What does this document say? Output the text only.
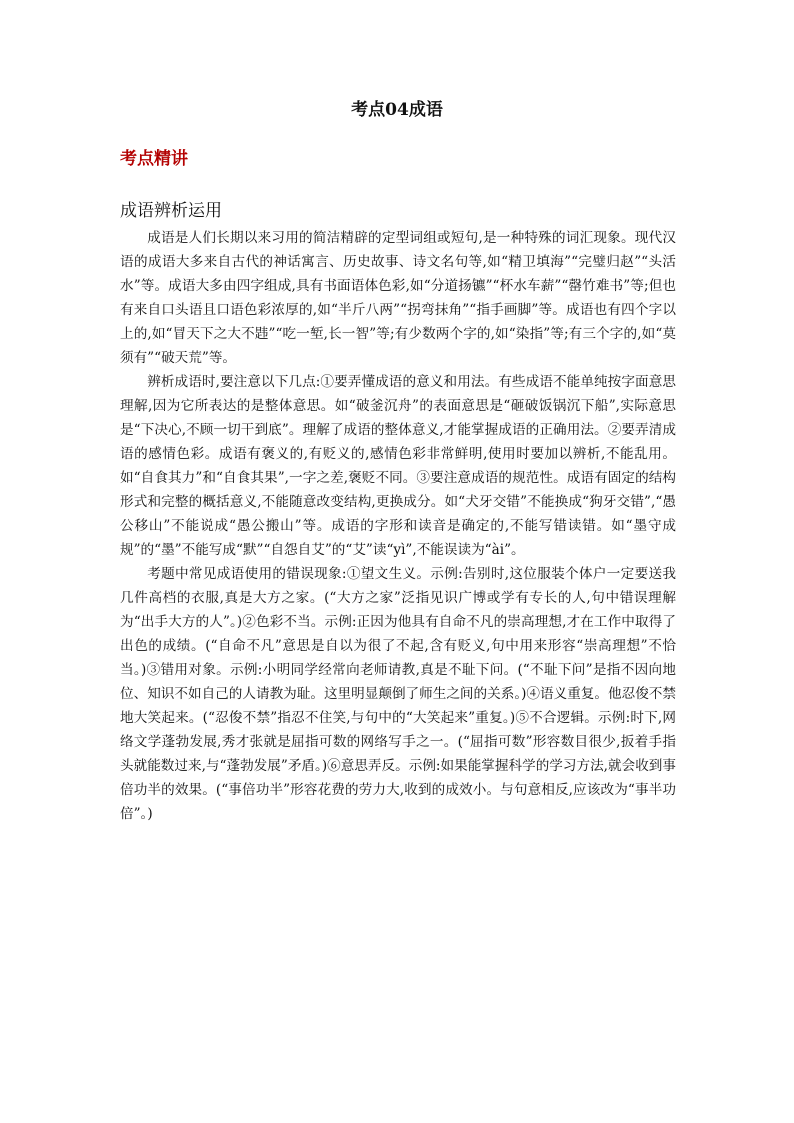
考点04成语
考点精讲
成语辨析运用

成语是人们长期以来习用的简洁精辟的定型词组或短句,是一种特殊的词汇现象。现代汉语的成语大多来自古代的神话寓言、历史故事、诗文名句等,如“精卫填海”“完璧归赵”“头活水”等。成语大多由四字组成,具有书面语体色彩,如“分道扬镳”“杯水车薪”“罄竹难书”等;但也有来自口头语且口语色彩浓厚的,如“半斤八两”“拐弯抹角”“指手画脚”等。成语也有四个字以上的,如“冒天下之大不韪”“吃一堑,长一智”等;有少数两个字的,如“染指”等;有三个字的,如“莫须有”“破天荒”等。

辨析成语时,要注意以下几点:①要弄懂成语的意义和用法。有些成语不能单纯按字面意思理解,因为它所表达的是整体意思。如“破釜沉舟”的表面意思是“砸破饭锅沉下船”,实际意思是“下决心,不顾一切干到底”。理解了成语的整体意义,才能掌握成语的正确用法。②要弄清成语的感情色彩。成语有褒义的,有贬义的,感情色彩非常鲜明,使用时要加以辨析,不能乱用。如“自食其力”和“自食其果”,一字之差,褒贬不同。③要注意成语的规范性。成语有固定的结构形式和完整的概括意义,不能随意改变结构,更换成分。如“犬牙交错”不能换成“狗牙交错”,“愚公移山”不能说成“愚公搬山”等。成语的字形和读音是确定的,不能写错读错。如“墨守成规”的“墨”不能写成“默”“自怨自艾”的“艾”读“yì”,不能误读为“ài”。

考题中常见成语使用的错误现象:①望文生义。示例:告别时,这位服装个体户一定要送我几件高档的衣服,真是大方之家。(“大方之家”泛指见识广博或学有专长的人,句中错误理解为“出手大方的人”。)②色彩不当。示例:正因为他具有自命不凡的崇高理想,才在工作中取得了出色的成绩。(“自命不凡”意思是自以为很了不起,含有贬义,句中用来形容“崇高理想”不恰当。)③错用对象。示例:小明同学经常向老师请教,真是不耻下问。(“不耻下问”是指不因向地位、知识不如自己的人请教为耻。这里明显颠倒了师生之间的关系。)④语义重复。他忍俊不禁地大笑起来。(“忍俊不禁”指忍不住笑,与句中的“大笑起来”重复。)⑤不合逻辑。示例:时下,网络文学蓬勃发展,秀才张就是屈指可数的网络写手之一。(“屈指可数”形容数目很少,扳着手指头就能数过来,与“蓬勃发展”矛盾。)⑥意思弄反。示例:如果能掌握科学的学习方法,就会收到事倍功半的效果。(“事倍功半”形容花费的劳力大,收到的成效小。与句意相反,应该改为“事半功倍”。)
